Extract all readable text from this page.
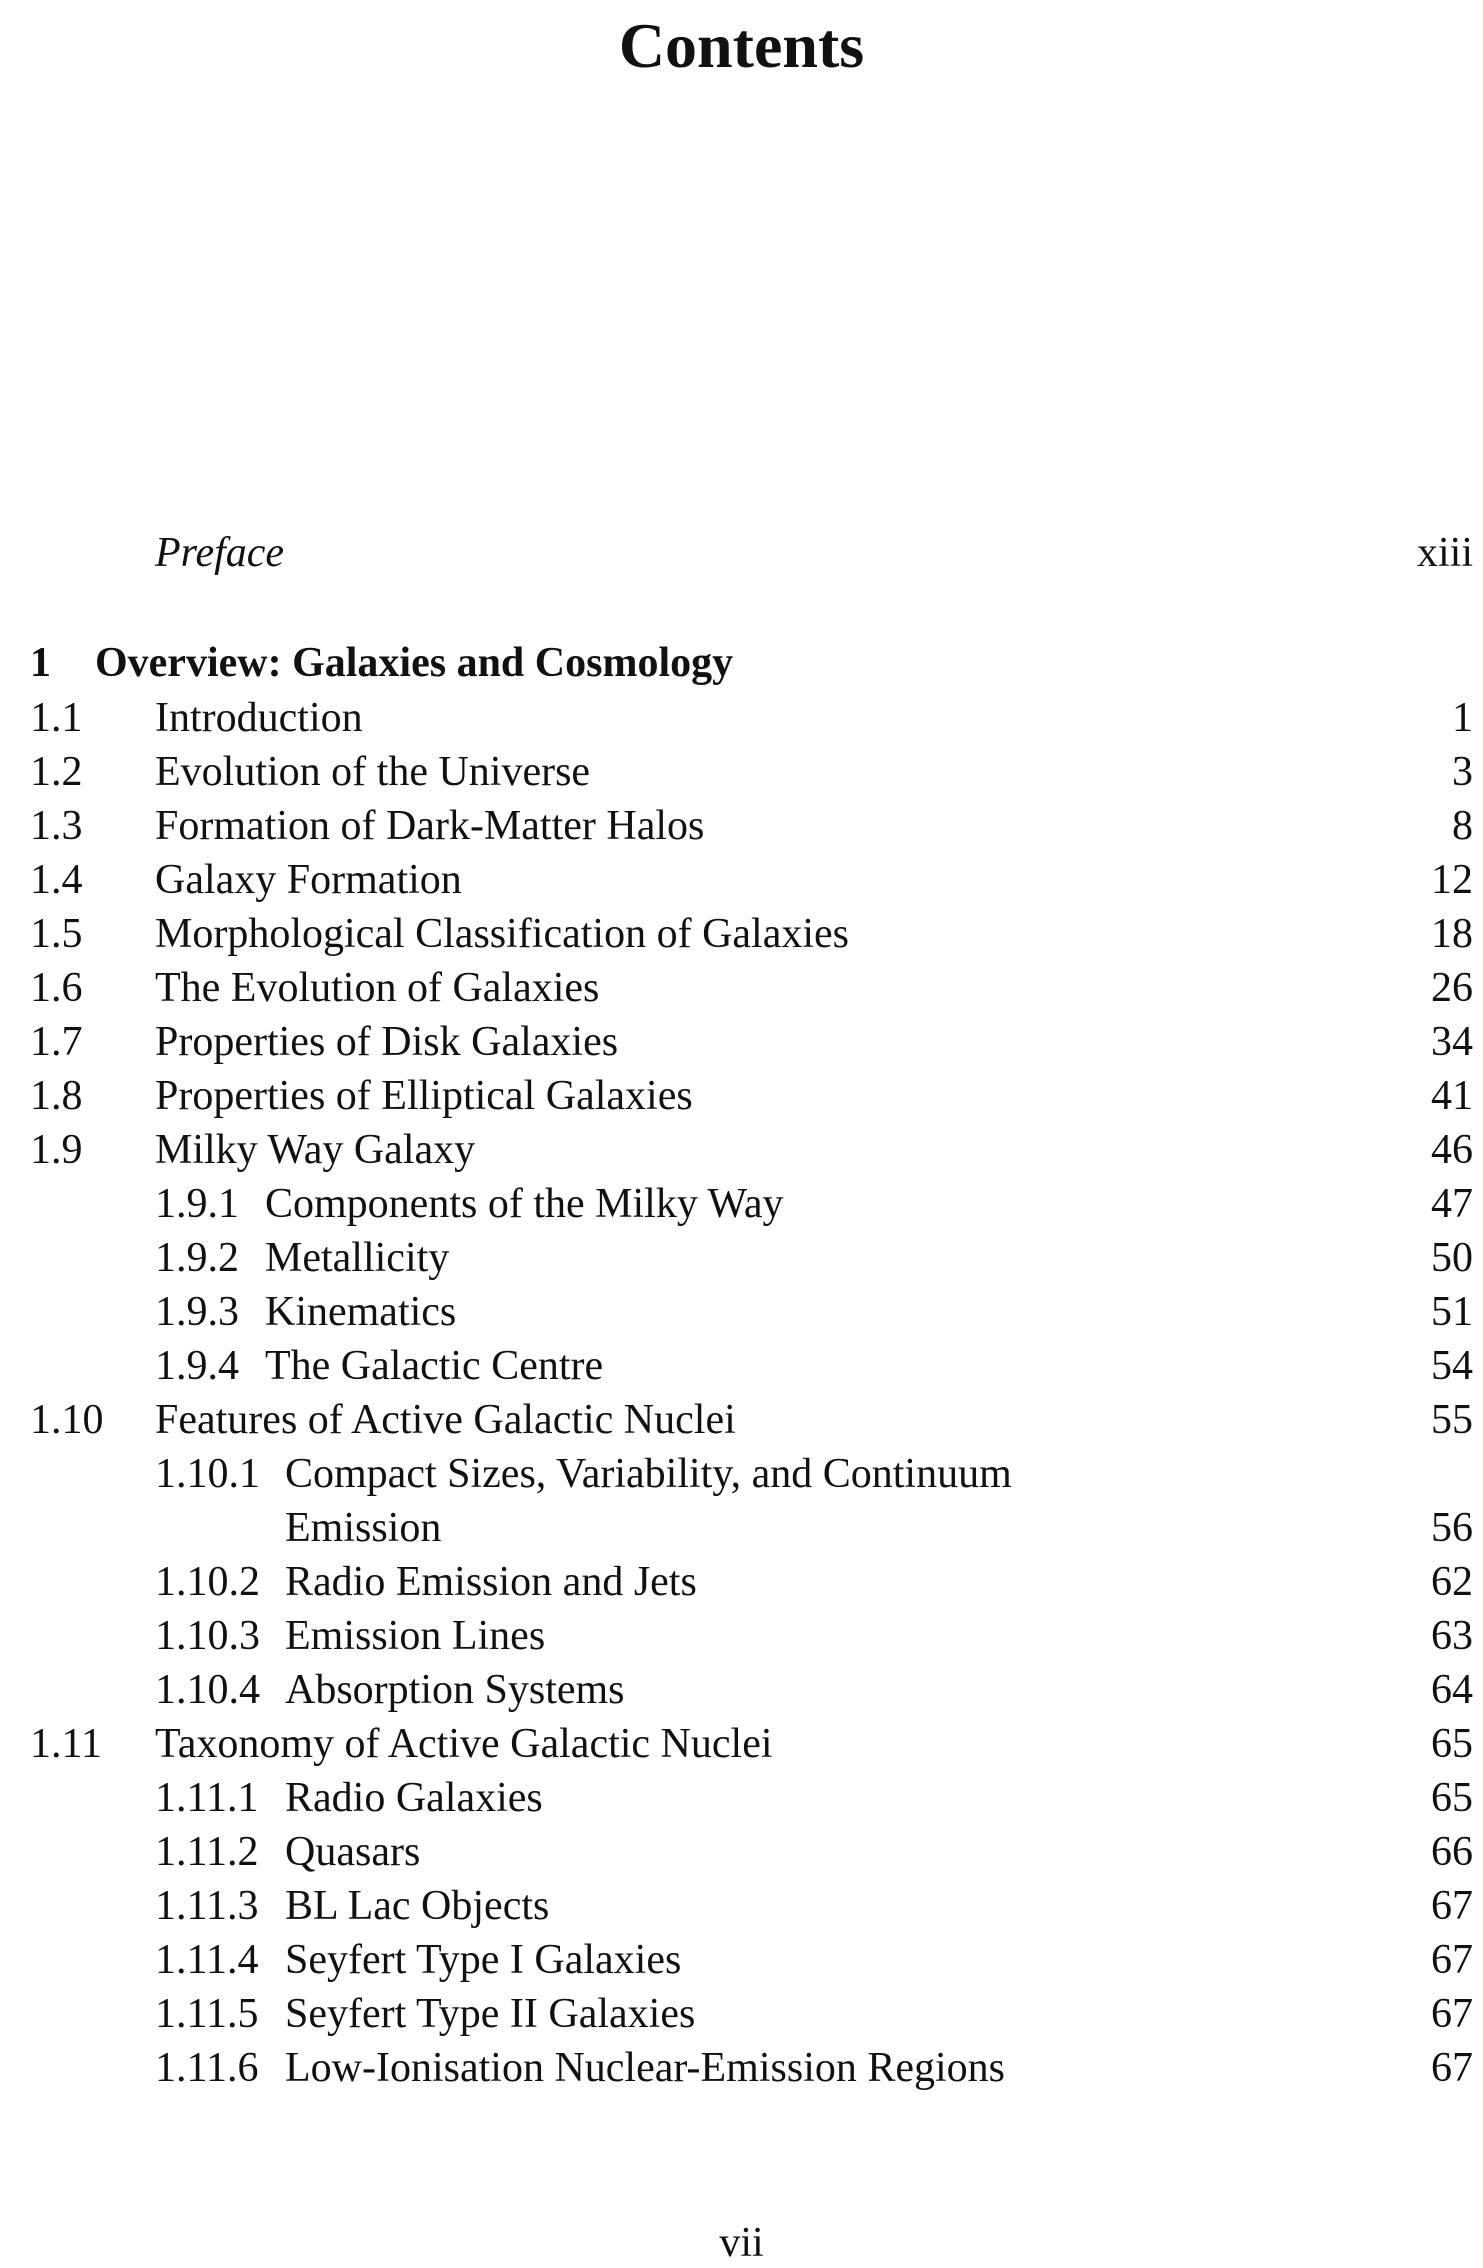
Contents
Preface	xiii
1 Overview: Galaxies and Cosmology
1.1 Introduction	1
1.2 Evolution of the Universe	3
1.3 Formation of Dark-Matter Halos	8
1.4 Galaxy Formation	12
1.5 Morphological Classification of Galaxies	18
1.6 The Evolution of Galaxies	26
1.7 Properties of Disk Galaxies	34
1.8 Properties of Elliptical Galaxies	41
1.9 Milky Way Galaxy	46
1.9.1 Components of the Milky Way	47
1.9.2 Metallicity	50
1.9.3 Kinematics	51
1.9.4 The Galactic Centre	54
1.10 Features of Active Galactic Nuclei	55
1.10.1 Compact Sizes, Variability, and Continuum
Emission	56
1.10.2 Radio Emission and Jets	62
1.10.3 Emission Lines	63
1.10.4 Absorption Systems	64
1.11 Taxonomy of Active Galactic Nuclei	65
1.11.1 Radio Galaxies	65
1.11.2 Quasars	66
1.11.3 BL Lac Objects	67
1.11.4 Seyfert Type I Galaxies	67
1.11.5 Seyfert Type II Galaxies	67
1.11.6 Low-Ionisation Nuclear-Emission Regions	67
vii
